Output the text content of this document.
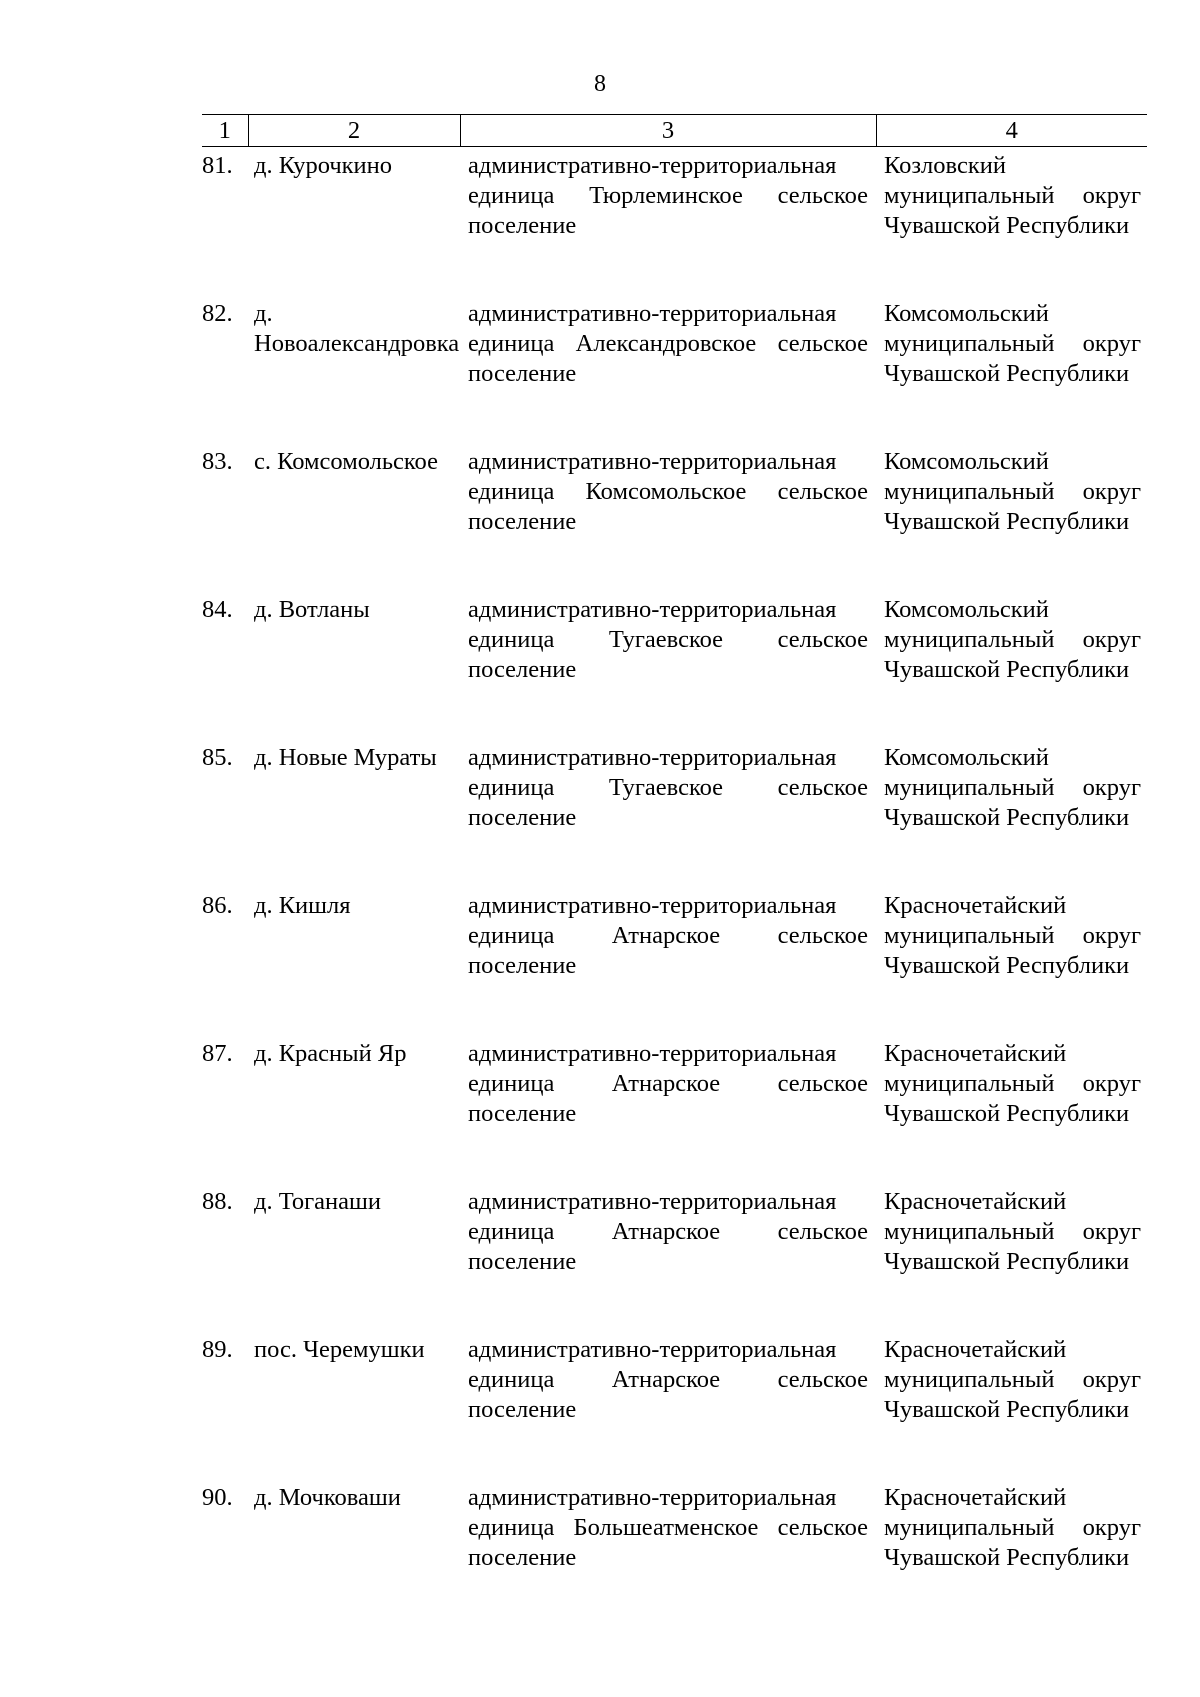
8
1	2	3	4
81.	д. Курочкино	административно-территориальная единица Тюрлеминское сельское поселение	Козловский муниципальный округ Чувашской Республики
82.	д. Новоалександровка	административно-территориальная единица Александровское сельское поселение	Комсомольский муниципальный округ Чувашской Республики
83.	с. Комсомольское	административно-территориальная единица Комсомольское сельское поселение	Комсомольский муниципальный округ Чувашской Республики
84.	д. Вотланы	административно-территориальная единица Тугаевское сельское поселение	Комсомольский муниципальный округ Чувашской Республики
85.	д. Новые Мураты	административно-территориальная единица Тугаевское сельское поселение	Комсомольский муниципальный округ Чувашской Республики
86.	д. Кишля	административно-территориальная единица Атнарское сельское поселение	Красночетайский муниципальный округ Чувашской Республики
87.	д. Красный Яр	административно-территориальная единица Атнарское сельское поселение	Красночетайский муниципальный округ Чувашской Республики
88.	д. Тоганаши	административно-территориальная единица Атнарское сельское поселение	Красночетайский муниципальный округ Чувашской Республики
89.	пос. Черемушки	административно-территориальная единица Атнарское сельское поселение	Красночетайский муниципальный округ Чувашской Республики
90.	д. Мочковаши	административно-территориальная единица Большеатменское сельское поселение	Красночетайский муниципальный округ Чувашской Республики
